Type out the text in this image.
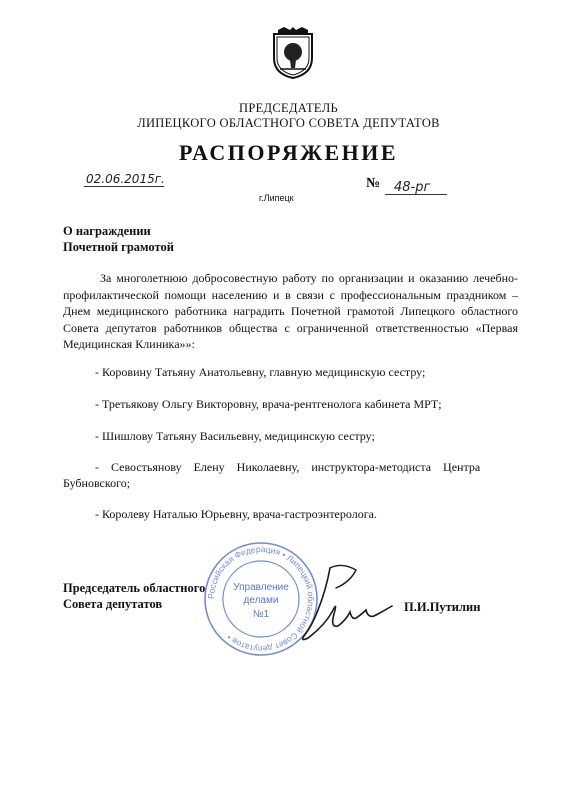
ПРЕДСЕДАТЕЛЬ
ЛИПЕЦКОГО ОБЛАСТНОГО СОВЕТА ДЕПУТАТОВ
РАСПОРЯЖЕНИЕ
02.06.2015г.
г.Липецк
№ 48-рг
О награждении
Почетной грамотой
За многолетнюю добросовестную работу по организации и оказанию лечебно-профилактической помощи населению и в связи с профессиональным праздником – Днем медицинского работника наградить Почетной грамотой Липецкого областного Совета депутатов работников общества с ограниченной ответственностью «Первая Медицинская Клиника»»:
- Коровину Татьяну Анатольевну, главную медицинскую сестру;
- Третьякову Ольгу Викторовну, врача-рентгенолога кабинета МРТ;
- Шишлову Татьяну Васильевну, медицинскую сестру;
- Севостьянову Елену Николаевну, инструктора-методиста Центра
Бубновского;
- Королеву Наталью Юрьевну, врача-гастроэнтеролога.
Российская Федерация • Липецкий областной Совет депутатов •
Управление
делами
№1
Председатель областного
Совета депутатов	П.И.Путилин
